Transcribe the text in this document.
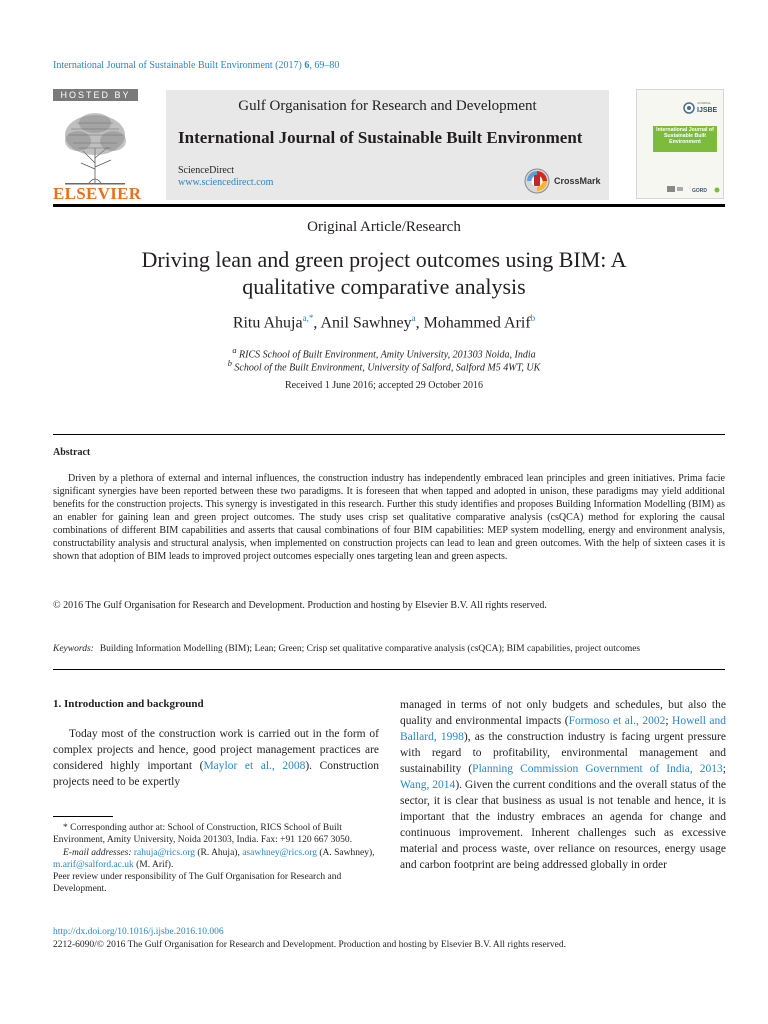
International Journal of Sustainable Built Environment (2017) 6, 69–80
HOSTED BY
ELSEVIER
Gulf Organisation for Research and Development
International Journal of Sustainable Built Environment
ScienceDirect
www.sciencedirect.com	CrossMark
JOURNAL
IJSBE
International Journal of Sustainable Built Environment
GORD
Original Article/Research
Driving lean and green project outcomes using BIM: A
qualitative comparative analysis
Ritu Ahuja$^{a,*}$, Anil Sawhney$^a$, Mohammed Arif$^b$
$^a$ RICS School of Built Environment, Amity University, 201303 Noida, India
$^b$ School of the Built Environment, University of Salford, Salford M5 4WT, UK
Received 1 June 2016; accepted 29 October 2016
Abstract
Driven by a plethora of external and internal influences, the construction industry has independently embraced lean principles and green initiatives. Prima facie significant synergies have been reported between these two paradigms. It is foreseen that when tapped and adopted in unison, these paradigms may yield additional benefits for the construction projects. This synergy is investigated in this research. Further this study identifies and proposes Building Information Modelling (BIM) as an enabler for gaining lean and green project outcomes. The study uses crisp set qualitative comparative analysis (csQCA) method for exploring the causal combinations of different BIM capabilities and asserts that causal combinations of four BIM capabilities: MEP system modelling, energy and environment analysis, constructability analysis and structural analysis, when implemented on construction projects can lead to lean and green outcomes. With the help of sixteen cases it is shown that adoption of BIM leads to improved project outcomes especially ones targeting lean and green aspects.
© 2016 The Gulf Organisation for Research and Development. Production and hosting by Elsevier B.V. All rights reserved.
Keywords: Building Information Modelling (BIM); Lean; Green; Crisp set qualitative comparative analysis (csQCA); BIM capabilities, project outcomes
1. Introduction and background
Today most of the construction work is carried out in the form of complex projects and hence, good project management practices are considered highly important (Maylor et al., 2008). Construction projects need to be expertly

* Corresponding author at: School of Construction, RICS School of Built Environment, Amity University, Noida 201303, India. Fax: +91 120 667 3050.

E-mail addresses: rahuja@rics.org (R. Ahuja), asawhney@rics.org (A. Sawhney), m.arif@salford.ac.uk (M. Arif).

Peer review under responsibility of The Gulf Organisation for Research and Development.

managed in terms of not only budgets and schedules, but also the quality and environmental impacts (Formoso et al., 2002; Howell and Ballard, 1998), as the construction industry is facing urgent pressure with regard to profitability, environmental management and sustainability (Planning Commission Government of India, 2013; Wang, 2014). Given the current conditions and the overall status of the sector, it is clear that business as usual is not tenable and hence, it is important that the industry embraces an agenda for change and continuous improvement. Inherent challenges such as excessive material and process waste, over reliance on resources, energy usage and carbon footprint are being addressed globally in order
http://dx.doi.org/10.1016/j.ijsbe.2016.10.006
2212-6090/© 2016 The Gulf Organisation for Research and Development. Production and hosting by Elsevier B.V. All rights reserved.
